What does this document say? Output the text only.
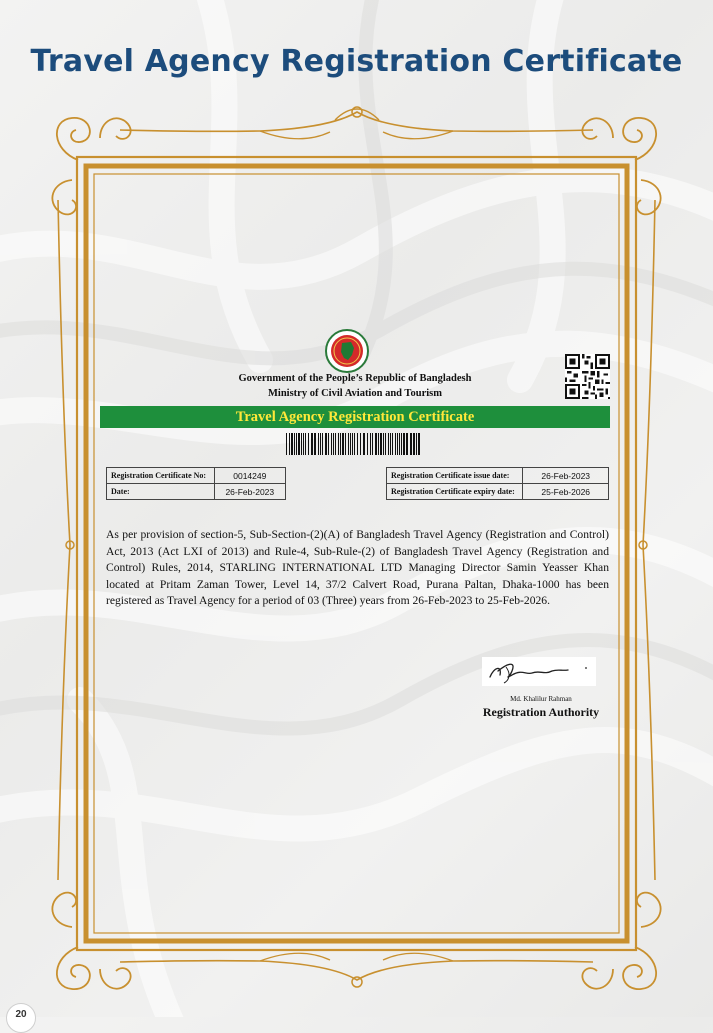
Travel Agency Registration Certificate
Government of the People’s Republic of Bangladesh
Ministry of Civil Aviation and Tourism
Travel Agency Registration Certificate
Registration Certificate No:	0014249
Date:	26-Feb-2023
Registration Certificate issue date:	26-Feb-2023
Registration Certificate expiry date:	25-Feb-2026
As per provision of section-5, Sub-Section-(2)(A) of Bangladesh Travel Agency (Registration and Control) Act, 2013 (Act LXI of 2013) and Rule-4, Sub-Rule-(2) of Bangladesh Travel Agency (Registration and Control) Rules, 2014, STARLING INTERNATIONAL LTD Managing Director Samin Yeasser Khan located at Pritam Zaman Tower, Level 14, 37/2 Calvert Road, Purana Paltan, Dhaka-1000 has been registered as Travel Agency for a period of 03 (Three) years from 26-Feb-2023 to 25-Feb-2026.
Md. Khalilur Rahman
Registration Authority
20
